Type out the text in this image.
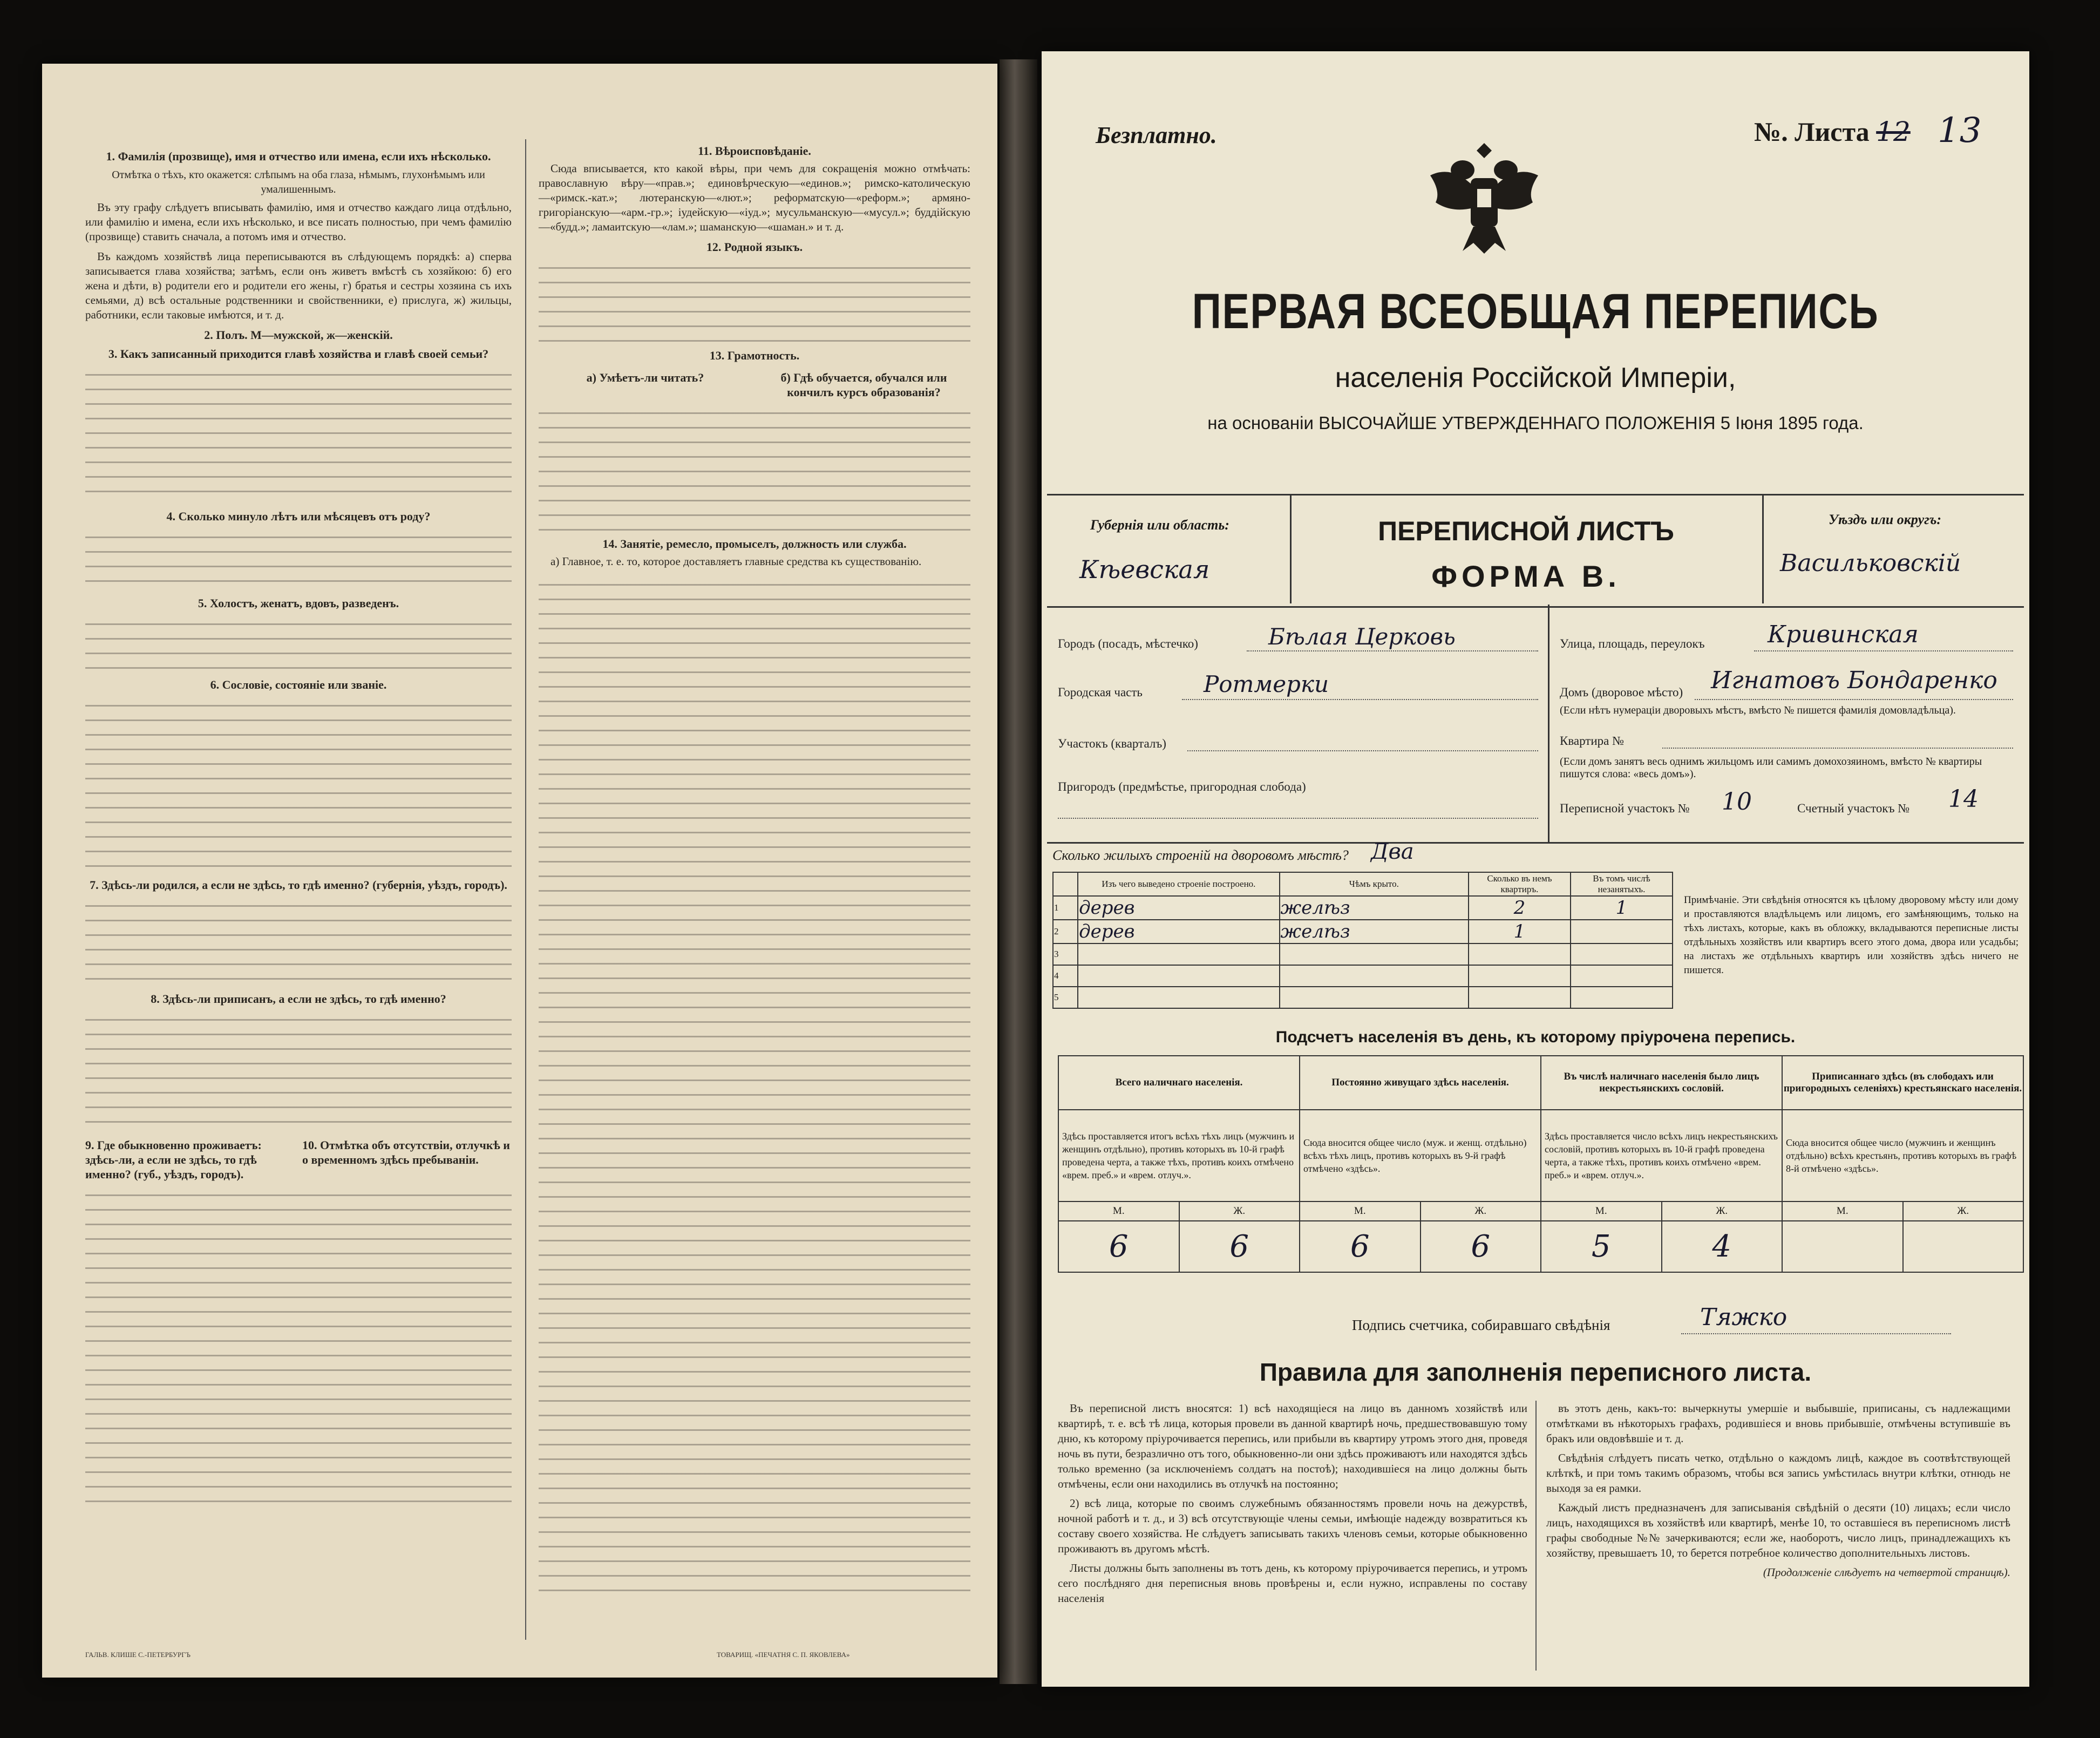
1. Фамилія (прозвище), имя и отчество или имена, если ихъ нѣсколько.
Отмѣтка о тѣхъ, кто окажется: слѣпымъ на оба глаза, нѣмымъ, глухонѣмымъ или умалишеннымъ.

Въ эту графу слѣдуетъ вписывать фамилію, имя и отчество каждаго лица отдѣльно, или фамилію и имена, если ихъ нѣсколько, и все писать полностью, при чемъ фамилію (прозвище) ставить сначала, а потомъ имя и отчество.

Въ каждомъ хозяйствѣ лица переписываются въ слѣдующемъ порядкѣ: а) сперва записывается глава хозяйства; затѣмъ, если онъ живетъ вмѣстѣ съ хозяйкою: б) его жена и дѣти, в) родители его и родители его жены, г) братья и сестры хозяина съ ихъ семьями, д) всѣ остальные родственники и свойственники, е) прислуга, ж) жильцы, работники, если таковые имѣются, и т. д.

2. Полъ. М—мужской, ж—женскій.
3. Какъ записанный приходится главѣ хозяйства и главѣ своей семьи?
4. Сколько минуло лѣтъ или мѣсяцевъ отъ роду?
5. Холостъ, женатъ, вдовъ, разведенъ.
6. Сословіе, состояніе или званіе.
7. Здѣсь-ли родился, а если не здѣсь, то гдѣ именно? (губернія, уѣздъ, городъ).
8. Здѣсь-ли приписанъ, а если не здѣсь, то гдѣ именно?
9. Где обыкновенно проживаетъ: здѣсь-ли, а если не здѣсь, то гдѣ именно? (губ., уѣздъ, городъ).
10. Отмѣтка объ отсутствіи, отлучкѣ и о временномъ здѣсь пребываніи.
ГАЛЬВ. КЛИШЕ С.-ПЕТЕРБУРГЪ
11. Вѣроисповѣданіе.

Сюда вписывается, кто какой вѣры, при чемъ для сокращенія можно отмѣчать: православную вѣру—«прав.»; единовѣрческую—«единов.»; римско-католическую—«римск.-кат.»; лютеранскую—«лют.»; реформатскую—«реформ.»; армяно-григоріанскую—«арм.-гр.»; іудейскую—«іуд.»; мусульманскую—«мусул.»; буддійскую—«будд.»; ламаитскую—«лам.»; шаманскую—«шаман.» и т. д.

12. Родной языкъ.
13. Грамотность.
а) Умѣетъ-ли читать?	б) Гдѣ обучается, обучался или кончилъ курсъ образованія?
14. Занятіе, ремесло, промыселъ, должность или служба.

а) Главное, т. е. то, которое доставляетъ главные средства къ существованію.

ТОВАРИЩ. «ПЕЧАТНЯ С. П. ЯКОВЛЕВА»
Безплатно.	№. Листа 12 13
ПЕРВАЯ ВСЕОБЩАЯ ПЕРЕПИСЬ
населенія Россійской Имперіи,
на основаніи ВЫСОЧАЙШЕ УТВЕРЖДЕННАГО ПОЛОЖЕНІЯ 5 Іюня 1895 года.
Губернія или область:
Кѣевская
Уѣздъ или округъ:
Васильковскій
ПЕРЕПИСНОЙ ЛИСТЪ
ФОРМА В.
Городъ (посадъ, мѣстечко)	Бѣлая Церковь
Городская часть	Ротмерки
Участокъ (кварталъ)
Пригородъ (предмѣстье, пригородная слобода)
Улица, площадь, переулокъ	Кривинская
Домъ (дворовое мѣсто) Игнатовъ Бондаренко
(Если нѣтъ нумераціи дворовыхъ мѣстъ, вмѣсто № пишется фамилія домовладѣльца).
Квартира №
(Если домъ занятъ весь однимъ жильцомъ или самимъ домохозяиномъ, вмѣсто № квартиры пишутся слова: «весь домъ»).
Переписной участокъ № 10	Счетный участокъ № 14
Сколько жилыхъ строеній на дворовомъ мѣстѣ? Два
	Изъ чего выведено строеніе построено.	Чѣмъ крыто.	Сколько въ немъ квартиръ.	Въ томъ числѣ незанятыхъ.
1	дерев	желѣз	2	1
2	дерев	желѣз	1	
3				
4				
5				
Примѣчаніе. Эти свѣдѣнія относятся къ цѣлому дворовому мѣсту или дому и проставляются владѣльцемъ или лицомъ, его замѣняющимъ, только на тѣхъ листахъ, которые, какъ въ обложку, вкладываются переписные листы отдѣльныхъ хозяйствъ или квартиръ всего этого дома, двора или усадьбы; на листахъ же отдѣльныхъ квартиръ или хозяйствъ здѣсь ничего не пишется.
Подсчетъ населенія въ день, къ которому пріурочена перепись.
Всего наличнаго населенія.		Постоянно живущаго здѣсь населенія.		Въ числѣ наличнаго населенія было лицъ некрестьянскихъ сословій.		Приписаннаго здѣсь (въ слободахъ или пригородныхъ селеніяхъ) крестьянскаго населенія.	
Здѣсь проставляется итогъ всѣхъ тѣхъ лицъ (мужчинъ и женщинъ отдѣльно), противъ которыхъ въ 10-й графѣ проведена черта, а также тѣхъ, противъ коихъ отмѣчено «врем. преб.» и «врем. отлуч.».		Сюда вносится общее число (муж. и женщ. отдѣльно) всѣхъ тѣхъ лицъ, противъ которыхъ въ 9-й графѣ отмѣчено «здѣсь».		Здѣсь проставляется число всѣхъ лицъ некрестьянскихъ сословій, противъ которыхъ въ 10-й графѣ проведена черта, а также тѣхъ, противъ коихъ отмѣчено «врем. преб.» и «врем. отлуч.».		Сюда вносится общее число (мужчинъ и женщинъ отдѣльно) всѣхъ крестьянъ, противъ которыхъ въ графѣ 8-й отмѣчено «здѣсь».	
М.	Ж.	М.	Ж.	М.	Ж.	М.	Ж.
6	6	6	6	5	4		
Подпись счетчика, собиравшаго свѣдѣнія	Тяжко
Правила для заполненія переписного листа.

Въ переписной листъ вносятся: 1) всѣ находящіеся на лицо въ данномъ хозяйствѣ или квартирѣ, т. е. всѣ тѣ лица, которыя провели въ данной квартирѣ ночь, предшествовавшую тому дню, къ которому пріурочивается перепись, или прибыли въ квартиру утромъ этого дня, проведя ночь въ пути, безразлично отъ того, обыкновенно-ли они здѣсь проживаютъ или находятся здѣсь только временно (за исключеніемъ солдатъ на постоѣ); находившіеся на лицо должны быть отмѣчены, если они находились въ отлучкѣ на постоянно;

2) всѣ лица, которые по своимъ служебнымъ обязанностямъ провели ночь на дежурствѣ, ночной работѣ и т. д., и 3) всѣ отсутствующіе члены семьи, имѣющіе надежду возвратиться къ составу своего хозяйства. Не слѣдуетъ записывать такихъ членовъ семьи, которые обыкновенно проживаютъ въ другомъ мѣстѣ.

Листы должны быть заполнены въ тотъ день, къ которому пріурочивается перепись, и утромъ сего послѣдняго дня переписныя вновь провѣрены и, если нужно, исправлены по составу населенія

въ этотъ день, какъ-то: вычеркнуты умершіе и выбывшіе, приписаны, съ надлежащими отмѣтками въ нѣкоторыхъ графахъ, родившіеся и вновь прибывшіе, отмѣчены вступившіе въ бракъ или овдовѣвшіе и т. д.

Свѣдѣнія слѣдуетъ писать четко, отдѣльно о каждомъ лицѣ, каждое въ соотвѣтствующей клѣткѣ, и при томъ такимъ образомъ, чтобы вся запись умѣстилась внутри клѣтки, отнюдь не выходя за ея рамки.

Каждый листъ предназначенъ для записыванія свѣдѣній о десяти (10) лицахъ; если число лицъ, находящихся въ хозяйствѣ или квартирѣ, менѣе 10, то оставшіеся въ переписномъ листѣ графы свободные №№ зачеркиваются; если же, наоборотъ, число лицъ, принадлежащихъ къ хозяйству, превышаетъ 10, то берется потребное количество дополнительныхъ листовъ.

(Продолженіе слѣдуетъ на четвертой страницѣ).
